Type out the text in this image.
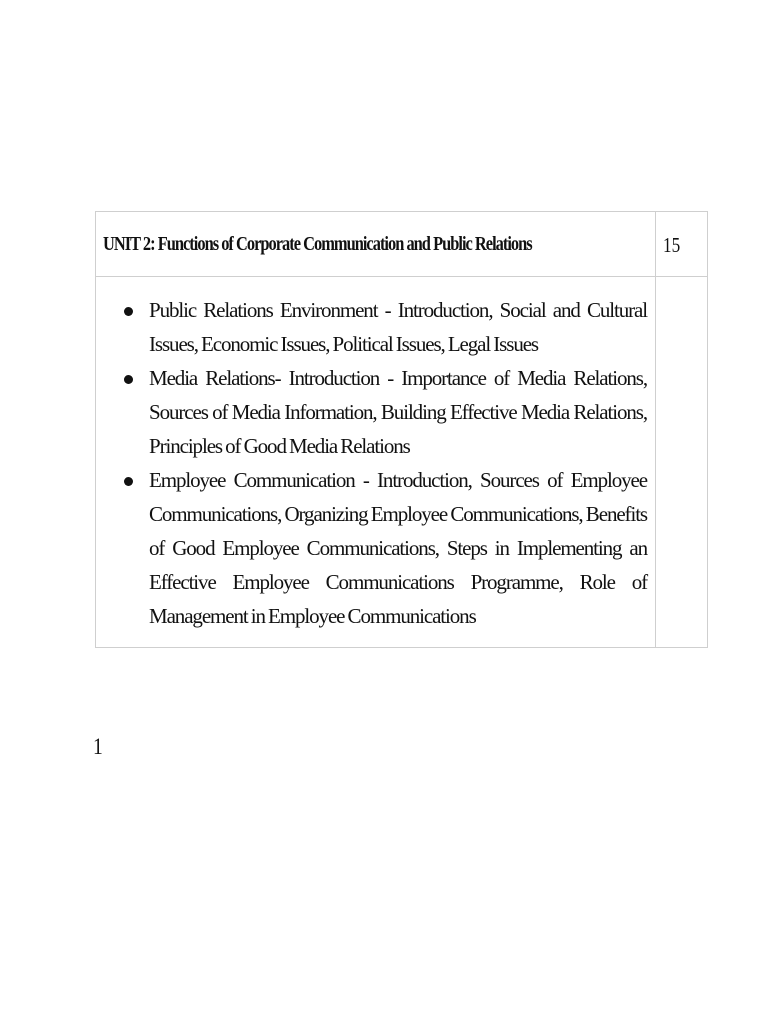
UNIT 2: Functions of Corporate Communication and Public Relations	15
Public Relations Environment - Introduction, Social and Cultural Issues, Economic Issues, Political Issues, Legal Issues
Media Relations- Introduction - Importance of Media Relations, Sources of Media Information, Building Effective Media Relations, Principles of Good Media Relations
Employee Communication - Introduction, Sources of Employee Communications, Organizing Employee Communications, Benefits of Good Employee Communications, Steps in Implementing an Effective Employee Communications Programme, Role of Management in Employee Communications
1
